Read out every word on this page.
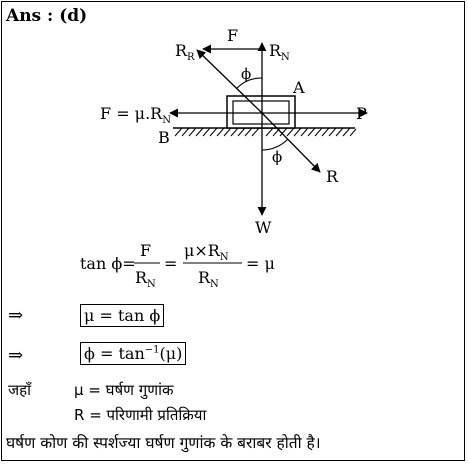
Ans : (d)
$R_R$
F
$R_N$
ϕ
A
$F = \mu.R_N$	P
B
ϕ
R
W
tan ϕ=
F
$R_N$
=
$\mu\times R_N$
$R_N$
= μ
⇒	μ = tan ϕ
⇒	$\phi = \tan^{-1}(\mu)$
जहाँ	μ = घर्षण गुणांक
R = परिणामी प्रतिक्रिया
घर्षण कोण की स्पर्शज्या घर्षण गुणांक के बराबर होती है।
